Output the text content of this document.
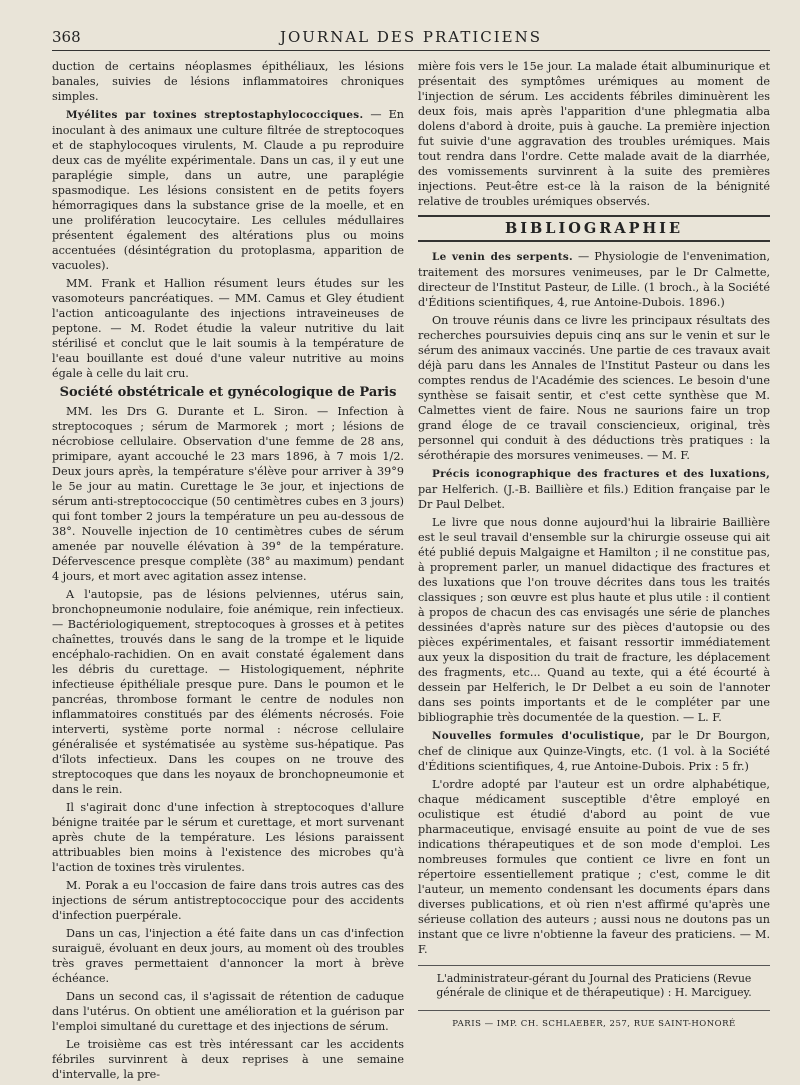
368	JOURNAL DES PRATICIENS

duction de certains néoplasmes épithéliaux, les lésions banales, suivies de lésions inflammatoires chroniques simples.

Myélites par toxines streptostaphylococciques. — En inoculant à des animaux une culture filtrée de streptocoques et de staphylocoques virulents, M. Claude a pu reproduire deux cas de myélite expérimentale. Dans un cas, il y eut une paraplégie simple, dans un autre, une paraplégie spasmodique. Les lésions consistent en de petits foyers hémorragiques dans la substance grise de la moelle, et en une prolifération leucocytaire. Les cellules médullaires présentent également des altérations plus ou moins accentuées (désintégration du protoplasma, apparition de vacuoles).

MM. Frank et Hallion résument leurs études sur les vasomoteurs pancréatiques. — MM. Camus et Gley étudient l'action anticoagulante des injections intraveineuses de peptone. — M. Rodet étudie la valeur nutritive du lait stérilisé et conclut que le lait soumis à la température de l'eau bouillante est doué d'une valeur nutritive au moins égale à celle du lait cru.

Société obstétricale et gynécologique de Paris

MM. les Drs G. Durante et L. Siron. — Infection à streptocoques ; sérum de Marmorek ; mort ; lésions de nécrobiose cellulaire. Observation d'une femme de 28 ans, primipare, ayant accouché le 23 mars 1896, à 7 mois 1/2. Deux jours après, la température s'élève pour arriver à 39°9 le 5e jour au matin. Curettage le 3e jour, et injections de sérum anti-streptococcique (50 centimètres cubes en 3 jours) qui font tomber 2 jours la température un peu au-dessous de 38°. Nouvelle injection de 10 centimètres cubes de sérum amenée par nouvelle élévation à 39° de la température. Défervescence presque complète (38° au maximum) pendant 4 jours, et mort avec agitation assez intense.

A l'autopsie, pas de lésions pelviennes, utérus sain, bronchopneumonie nodulaire, foie anémique, rein infectieux. — Bactériologiquement, streptocoques à grosses et à petites chaînettes, trouvés dans le sang de la trompe et le liquide encéphalo-rachidien. On en avait constaté également dans les débris du curettage. — Histologiquement, néphrite infectieuse épithéliale presque pure. Dans le poumon et le pancréas, thrombose formant le centre de nodules non inflammatoires constitués par des éléments nécrosés. Foie interverti, système porte normal : nécrose cellulaire généralisée et systématisée au système sus-hépatique. Pas d'îlots infectieux. Dans les coupes on ne trouve des streptocoques que dans les noyaux de bronchopneumonie et dans le rein.

Il s'agirait donc d'une infection à streptocoques d'allure bénigne traitée par le sérum et curettage, et mort survenant après chute de la température. Les lésions paraissent attribuables bien moins à l'existence des microbes qu'à l'action de toxines très virulentes.

M. Porak a eu l'occasion de faire dans trois autres cas des injections de sérum antistreptococcique pour des accidents d'infection puerpérale.

Dans un cas, l'injection a été faite dans un cas d'infection suraiguë, évoluant en deux jours, au moment où des troubles très graves permettaient d'annoncer la mort à brève échéance.

Dans un second cas, il s'agissait de rétention de caduque dans l'utérus. On obtient une amélioration et la guérison par l'emploi simultané du curettage et des injections de sérum.

Le troisième cas est très intéressant car les accidents fébriles survinrent à deux reprises à une semaine d'intervalle, la pre-

mière fois vers le 15e jour. La malade était albuminurique et présentait des symptômes urémiques au moment de l'injection de sérum. Les accidents fébriles diminuèrent les deux fois, mais après l'apparition d'une phlegmatia alba dolens d'abord à droite, puis à gauche. La première injection fut suivie d'une aggravation des troubles urémiques. Mais tout rendra dans l'ordre. Cette malade avait de la diarrhée, des vomissements survinrent à la suite des premières injections. Peut-être est-ce là la raison de la bénignité relative de troubles urémiques observés.

BIBLIOGRAPHIE

Le venin des serpents. — Physiologie de l'envenimation, traitement des morsures venimeuses, par le Dr Calmette, directeur de l'Institut Pasteur, de Lille. (1 broch., à la Société d'Éditions scientifiques, 4, rue Antoine-Dubois. 1896.)

On trouve réunis dans ce livre les principaux résultats des recherches poursuivies depuis cinq ans sur le venin et sur le sérum des animaux vaccinés. Une partie de ces travaux avait déjà paru dans les Annales de l'Institut Pasteur ou dans les comptes rendus de l'Académie des sciences. Le besoin d'une synthèse se faisait sentir, et c'est cette synthèse que M. Calmettes vient de faire. Nous ne saurions faire un trop grand éloge de ce travail consciencieux, original, très personnel qui conduit à des déductions très pratiques : la sérothérapie des morsures venimeuses. — M. F.

Précis iconographique des fractures et des luxations, par Helferich. (J.-B. Baillière et fils.) Edition française par le Dr Paul Delbet.

Le livre que nous donne aujourd'hui la librairie Baillière est le seul travail d'ensemble sur la chirurgie osseuse qui ait été publié depuis Malgaigne et Hamilton ; il ne constitue pas, à proprement parler, un manuel didactique des fractures et des luxations que l'on trouve décrites dans tous les traités classiques ; son œuvre est plus haute et plus utile : il contient à propos de chacun des cas envisagés une série de planches dessinées d'après nature sur des pièces d'autopsie ou des pièces expérimentales, et faisant ressortir immédiatement aux yeux la disposition du trait de fracture, les déplacement des fragments, etc... Quand au texte, qui a été écourté à dessein par Helferich, le Dr Delbet a eu soin de l'annoter dans ses points importants et de le compléter par une bibliographie très documentée de la question. — L. F.

Nouvelles formules d'oculistique, par le Dr Bourgon, chef de clinique aux Quinze-Vingts, etc. (1 vol. à la Société d'Éditions scientifiques, 4, rue Antoine-Dubois. Prix : 5 fr.)

L'ordre adopté par l'auteur est un ordre alphabétique, chaque médicament susceptible d'être employé en oculistique est étudié d'abord au point de vue pharmaceutique, envisagé ensuite au point de vue de ses indications thérapeutiques et de son mode d'emploi. Les nombreuses formules que contient ce livre en font un répertoire essentiellement pratique ; c'est, comme le dit l'auteur, un memento condensant les documents épars dans diverses publications, et où rien n'est affirmé qu'après une sérieuse collation des auteurs ; aussi nous ne doutons pas un instant que ce livre n'obtienne la faveur des praticiens. — M. F.

L'administrateur-gérant du Journal des Praticiens (Revue générale de clinique et de thérapeutique) : H. Marciguey.
PARIS — IMP. CH. SCHLAEBER, 257, RUE SAINT-HONORÉ
